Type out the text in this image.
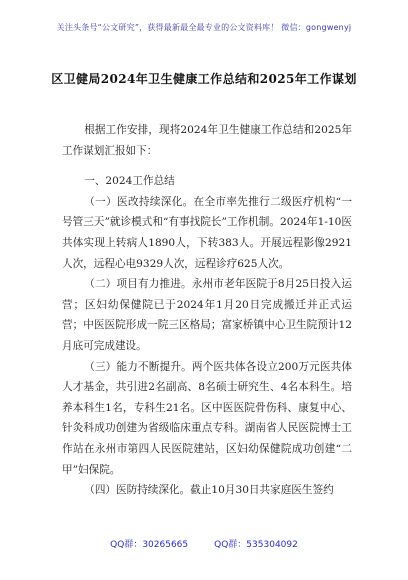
关注头条号“公文研究”，获得最新最全最专业的公文资料库！ 微信：gongwenyj
区卫健局2024年卫生健康工作总结和2025年工作谋划

根据工作安排，现将2024年卫生健康工作总结和2025年工作谋划汇报如下：

一、2024工作总结

（一）医改持续深化。在全市率先推行二级医疗机构“一号管三天”就诊模式和“有事找院长”工作机制。2024年1-10医共体实现上转病人1890人，下转383人。开展远程影像2921人次，远程心电9329人次，远程诊疗625人次。

（二）项目有力推进。永州市老年医院于8月25日投入运营；区妇幼保健院已于2024年1月20日完成搬迁并正式运营；中医医院形成一院三区格局；富家桥镇中心卫生院预计12月底可完成建设。

（三）能力不断提升。两个医共体各设立200万元医共体人才基金，共引进2名副高、8名硕士研究生、4名本科生。培养本科生1名，专科生21名。区中医医院骨伤科、康复中心、针灸科成功创建为省级临床重点专科。湖南省人民医院博士工作站在永州市第四人民医院建站，区妇幼保健院成功创建“二甲”妇保院。

（四）医防持续深化。截止10月30日共家庭医生签约

QQ群：30265665	QQ群：535304092
